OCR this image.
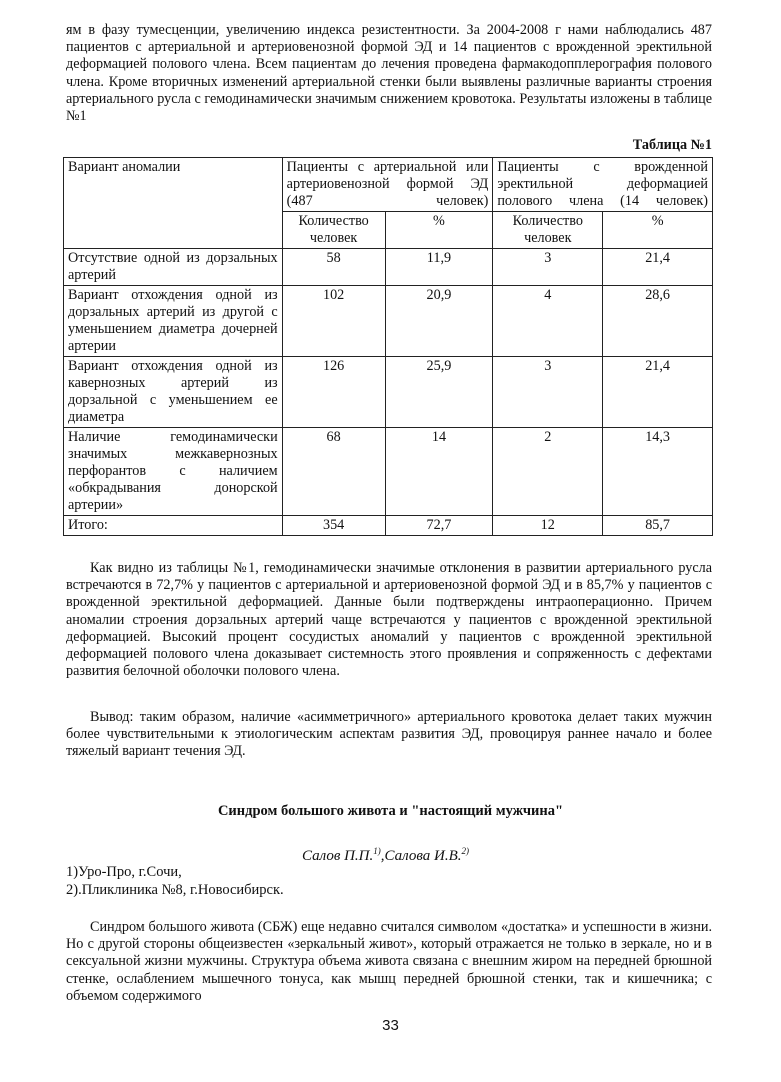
ям в фазу тумесценции, увеличению индекса резистентности. За 2004-2008 г нами наблюдались 487 пациентов с артериальной и артериовенозной формой ЭД и 14 пациентов с врожденной эректильной деформацией полового члена. Всем пациентам до лечения проведена фармакодопплерография полового члена. Кроме вторичных изменений артериальной стенки были выявлены различные варианты строения артериального русла с гемодинамически значимым снижением кровотока. Результаты изложены в таблице №1

Таблица №1
Вариант аномалии	Пациенты с артериальной или артериовенозной формой ЭД (487 человек)		Пациенты с врожденной эректильной деформацией полового члена (14 человек)	
	Количество человек	%	Количество человек	%
Отсутствие одной из дорзальных артерий	58	11,9	3	21,4
Вариант отхождения одной из дорзальных артерий из другой с уменьшением диаметра дочерней артерии	102	20,9	4	28,6
Вариант отхождения одной из кавернозных артерий из дорзальной с уменьшением ее диаметра	126	25,9	3	21,4
Наличие гемодинамически значимых межкавернозных перфорантов с наличием «обкрадывания донорской артерии»	68	14	2	14,3
Итого:	354	72,7	12	85,7

Как видно из таблицы №1, гемодинамически значимые отклонения в развитии артериального русла встречаются в 72,7% у пациентов с артериальной и артериовенозной формой ЭД и в 85,7% у пациентов с врожденной эректильной деформацией. Данные были подтверждены интраоперационно. Причем аномалии строения дорзальных артерий чаще встречаются у пациентов с врожденной эректильной деформацией. Высокий процент сосудистых аномалий у пациентов с врожденной эректильной деформацией полового члена доказывает системность этого проявления и сопряженность с дефектами развития белочной оболочки полового члена.

Вывод: таким образом, наличие «асимметричного» артериального кровотока делает таких мужчин более чувствительными к этиологическим аспектам развития ЭД, провоцируя раннее начало и более тяжелый вариант течения ЭД.

Синдром большого живота и "настоящий мужчина"
Салов П.П.$^{1)}$,Салова И.В.$^{2)}$
1)Уро-Про, г.Сочи,
2).Пликлиника №8, г.Новосибирск.

Синдром большого живота (СБЖ) еще недавно считался символом «достатка» и успешности в жизни. Но с другой стороны общеизвестен «зеркальный живот», который отражается не только в зеркале, но и в сексуальной жизни мужчины. Структура объема живота связана с внешним жиром на передней брюшной стенке, ослаблением мышечного тонуса, как мышц передней брюшной стенки, так и кишечника; с объемом содержимого

33
